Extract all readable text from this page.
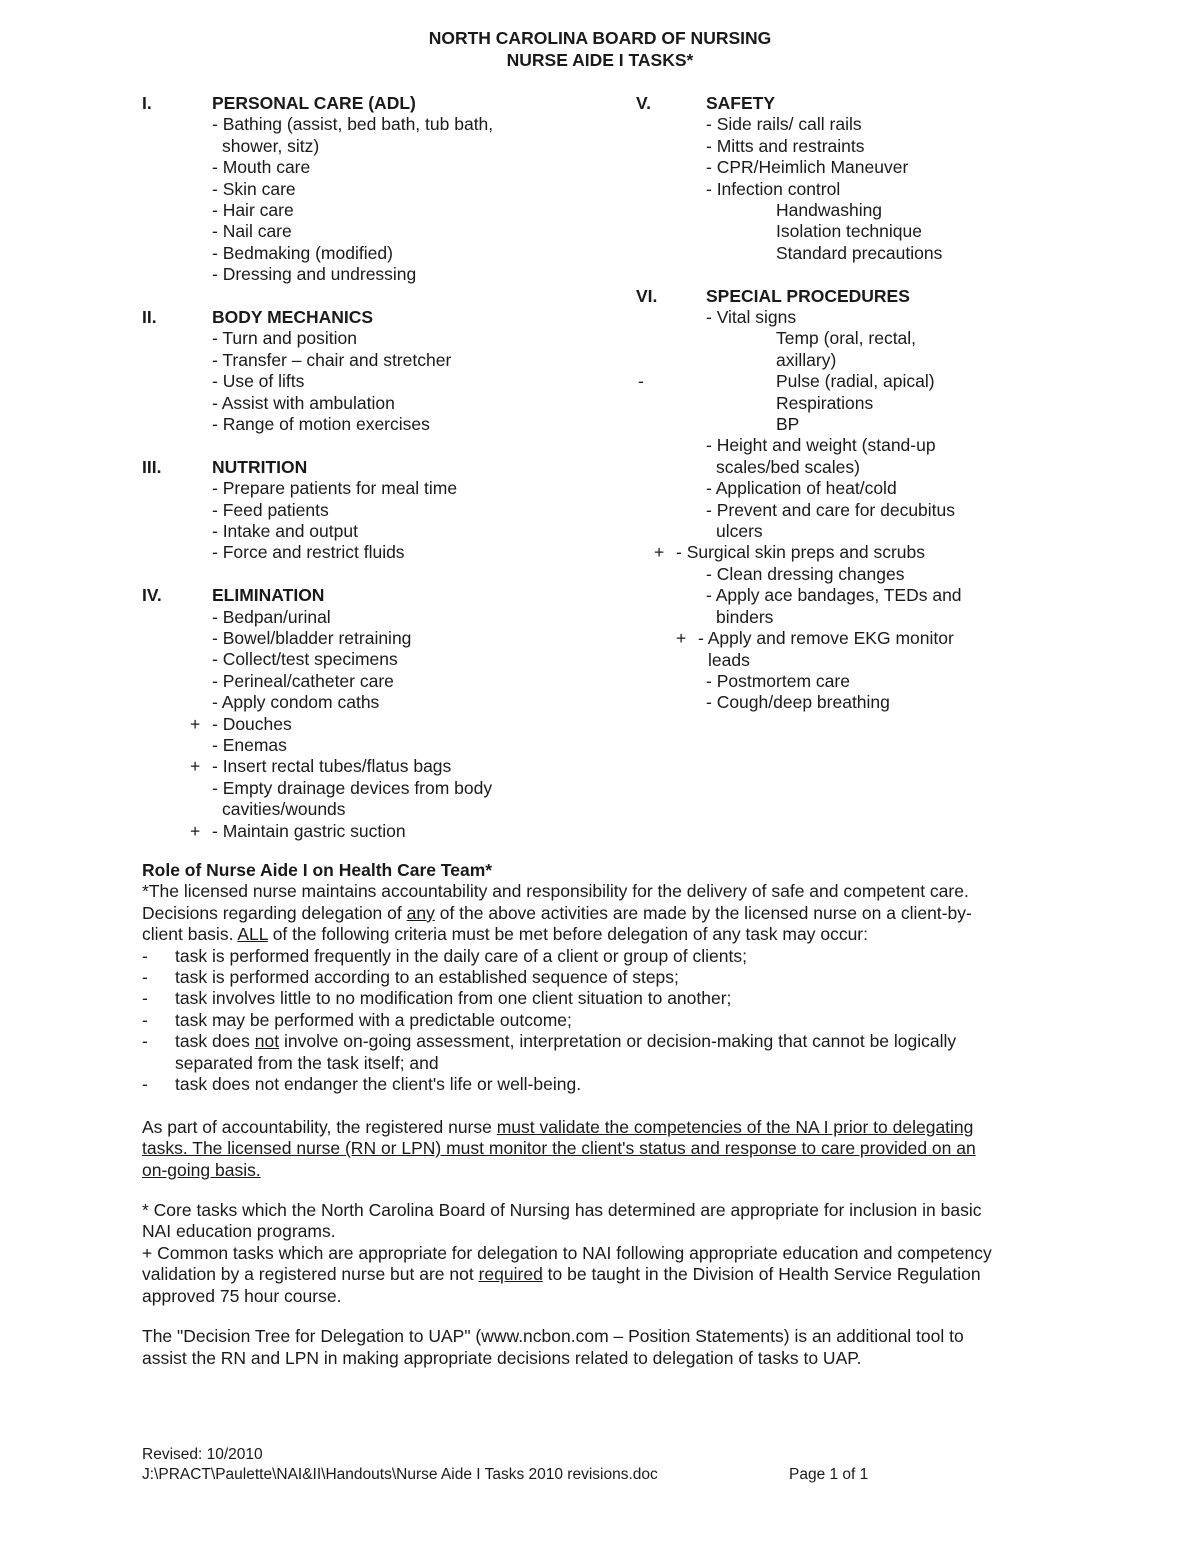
NORTH CAROLINA BOARD OF NURSING
NURSE AIDE I TASKS*
I.	PERSONAL CARE (ADL)
- Bathing (assist, bed bath, tub bath,
shower, sitz)
- Mouth care
- Skin care
- Hair care
- Nail care
- Bedmaking (modified)
- Dressing and undressing
II.	BODY MECHANICS
- Turn and position
- Transfer – chair and stretcher
- Use of lifts
- Assist with ambulation
- Range of motion exercises
III.	NUTRITION
- Prepare patients for meal time
- Feed patients
- Intake and output
- Force and restrict fluids
IV.	ELIMINATION
- Bedpan/urinal
- Bowel/bladder retraining
- Collect/test specimens
- Perineal/catheter care
- Apply condom caths
+ - Douches
- Enemas
+ - Insert rectal tubes/flatus bags
- Empty drainage devices from body
cavities/wounds
+ - Maintain gastric suction
V.	SAFETY
- Side rails/ call rails
- Mitts and restraints
- CPR/Heimlich Maneuver
- Infection control
Handwashing
Isolation technique
Standard precautions
VI.	SPECIAL PROCEDURES
- Vital signs
Temp (oral, rectal,
axillary)
-	Pulse (radial, apical)
Respirations
BP
- Height and weight (stand-up
scales/bed scales)
- Application of heat/cold
- Prevent and care for decubitus
ulcers
+ - Surgical skin preps and scrubs
- Clean dressing changes
- Apply ace bandages, TEDs and
binders
+ - Apply and remove EKG monitor
leads
- Postmortem care
- Cough/deep breathing

Role of Nurse Aide I on Health Care Team*

*The licensed nurse maintains accountability and responsibility for the delivery of safe and competent care.

Decisions regarding delegation of any of the above activities are made by the licensed nurse on a client-by-

client basis. ALL of the following criteria must be met before delegation of any task may occur:

- task is performed frequently in the daily care of a client or group of clients;
- task is performed according to an established sequence of steps;
- task involves little to no modification from one client situation to another;
- task may be performed with a predictable outcome;
- task does not involve on-going assessment, interpretation or decision-making that cannot be logically
separated from the task itself; and
- task does not endanger the client's life or well-being.

As part of accountability, the registered nurse must validate the competencies of the NA I prior to delegating

tasks. The licensed nurse (RN or LPN) must monitor the client's status and response to care provided on an

on-going basis.

* Core tasks which the North Carolina Board of Nursing has determined are appropriate for inclusion in basic

NAI education programs.

+ Common tasks which are appropriate for delegation to NAI following appropriate education and competency

validation by a registered nurse but are not required to be taught in the Division of Health Service Regulation

approved 75 hour course.

The "Decision Tree for Delegation to UAP" (www.ncbon.com – Position Statements) is an additional tool to

assist the RN and LPN in making appropriate decisions related to delegation of tasks to UAP.

Revised: 10/2010
J:\PRACT\Paulette\NAI&II\Handouts\Nurse Aide I Tasks 2010 revisions.doc	Page 1 of 1
